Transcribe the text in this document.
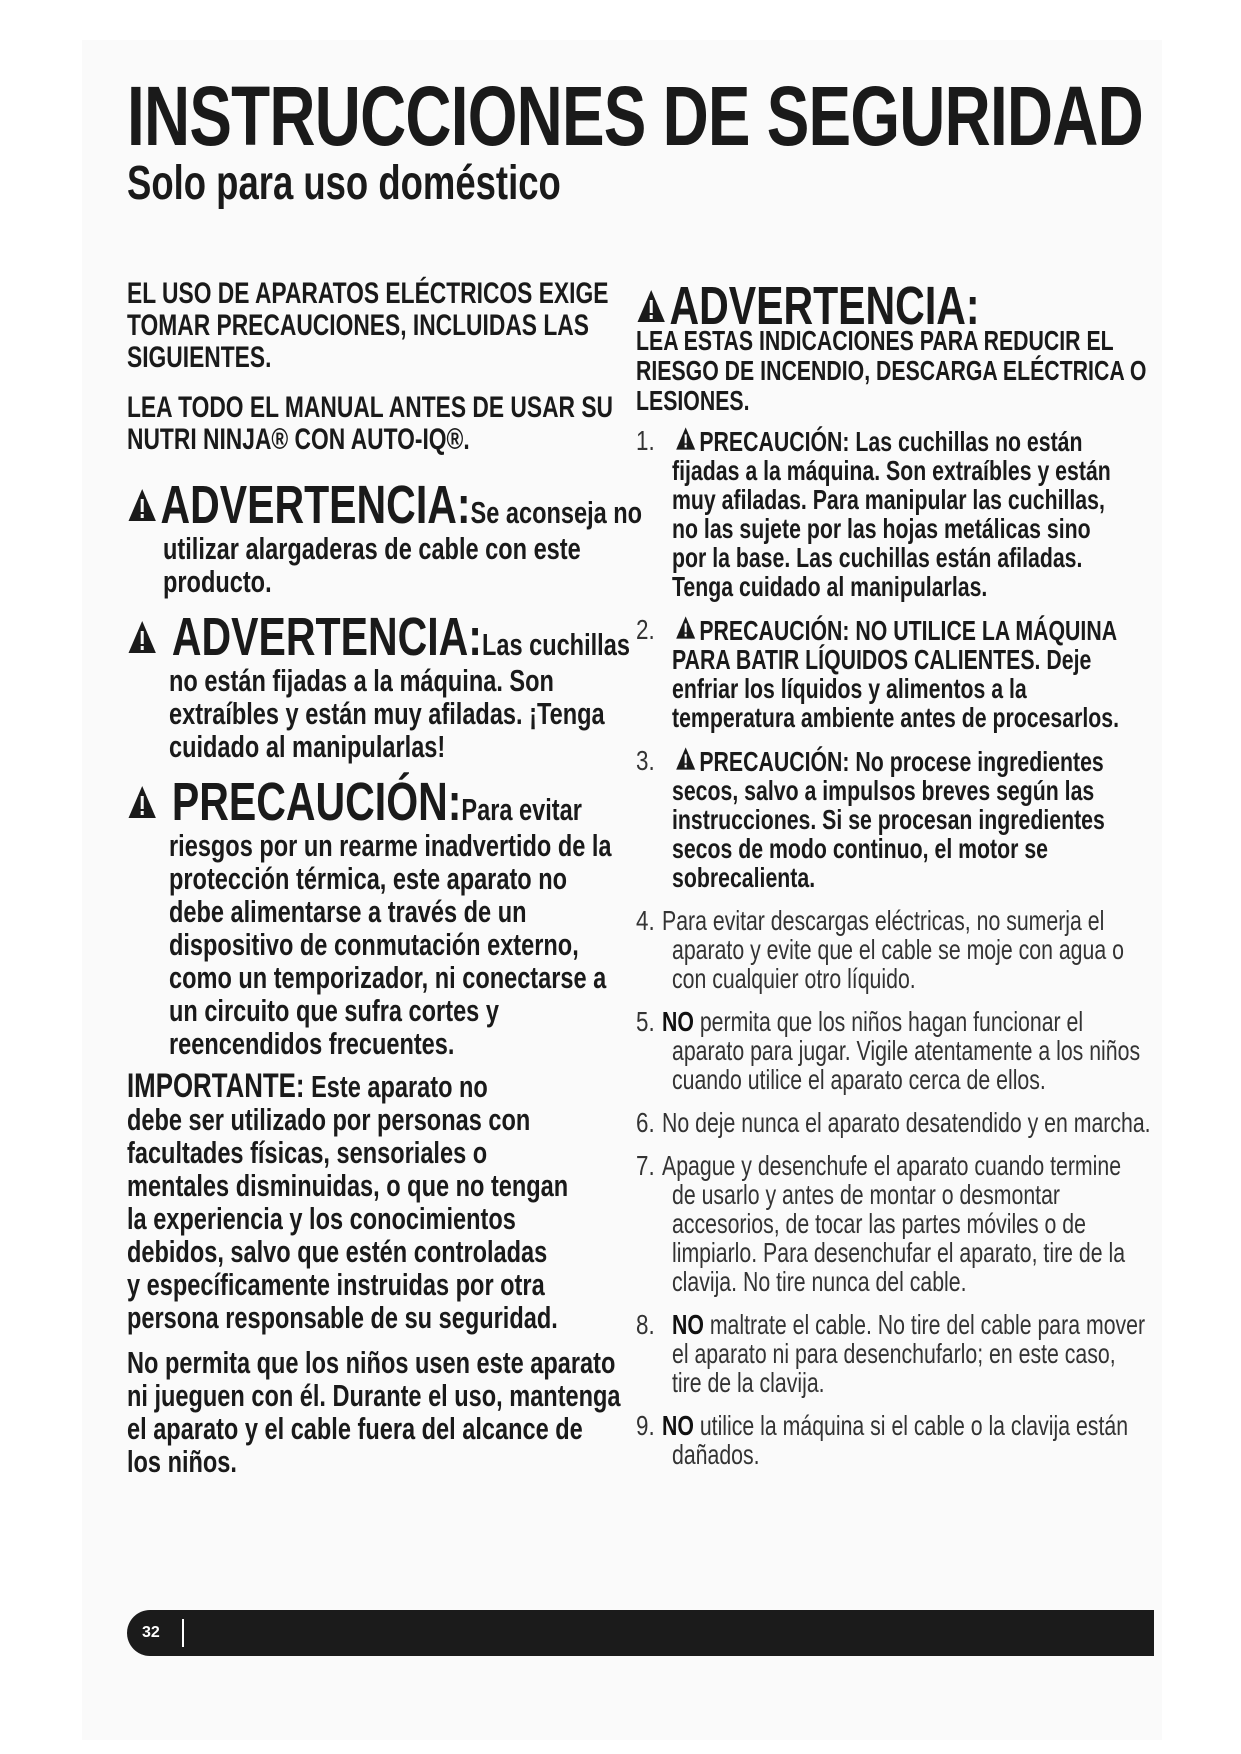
INSTRUCCIONES DE SEGURIDAD
Solo para uso doméstico
EL USO DE APARATOS ELÉCTRICOS EXIGE
TOMAR PRECAUCIONES, INCLUIDAS LAS
SIGUIENTES.
LEA TODO EL MANUAL ANTES DE USAR SU
NUTRI NINJA® CON AUTO-IQ®.
ADVERTENCIA:Se aconseja no
utilizar alargaderas de cable con este
producto.
ADVERTENCIA:Las cuchillas
no están fijadas a la máquina. Son
extraíbles y están muy afiladas. ¡Tenga
cuidado al manipularlas!
PRECAUCIÓN:Para evitar
riesgos por un rearme inadvertido de la
protección térmica, este aparato no
debe alimentarse a través de un
dispositivo de conmutación externo,
como un temporizador, ni conectarse a
un circuito que sufra cortes y
reencendidos frecuentes.
IMPORTANTE: Este aparato no
debe ser utilizado por personas con
facultades físicas, sensoriales o
mentales disminuidas, o que no tengan
la experiencia y los conocimientos
debidos, salvo que estén controladas
y específicamente instruidas por otra
persona responsable de su seguridad.
No permita que los niños usen este aparato
ni jueguen con él. Durante el uso, mantenga
el aparato y el cable fuera del alcance de
los niños.
ADVERTENCIA:
LEA ESTAS INDICACIONES PARA REDUCIR EL
RIESGO DE INCENDIO, DESCARGA ELÉCTRICA O
LESIONES.
1.	PRECAUCIÓN: Las cuchillas no están
fijadas a la máquina. Son extraíbles y están
muy afiladas. Para manipular las cuchillas,
no las sujete por las hojas metálicas sino
por la base. Las cuchillas están afiladas.
Tenga cuidado al manipularlas.
2.	PRECAUCIÓN: NO UTILICE LA MÁQUINA
PARA BATIR LÍQUIDOS CALIENTES. Deje
enfriar los líquidos y alimentos a la
temperatura ambiente antes de procesarlos.
3.	PRECAUCIÓN: No procese ingredientes
secos, salvo a impulsos breves según las
instrucciones. Si se procesan ingredientes
secos de modo continuo, el motor se
sobrecalienta.
4. Para evitar descargas eléctricas, no sumerja el
aparato y evite que el cable se moje con agua o
con cualquier otro líquido.
5. NO permita que los niños hagan funcionar el
aparato para jugar. Vigile atentamente a los niños
cuando utilice el aparato cerca de ellos.
6. No deje nunca el aparato desatendido y en marcha.
7. Apague y desenchufe el aparato cuando termine
de usarlo y antes de montar o desmontar
accesorios, de tocar las partes móviles o de
limpiarlo. Para desenchufar el aparato, tire de la
clavija. No tire nunca del cable.
8. NO maltrate el cable. No tire del cable para mover
el aparato ni para desenchufarlo; en este caso,
tire de la clavija.
9. NO utilice la máquina si el cable o la clavija están
dañados.
32
